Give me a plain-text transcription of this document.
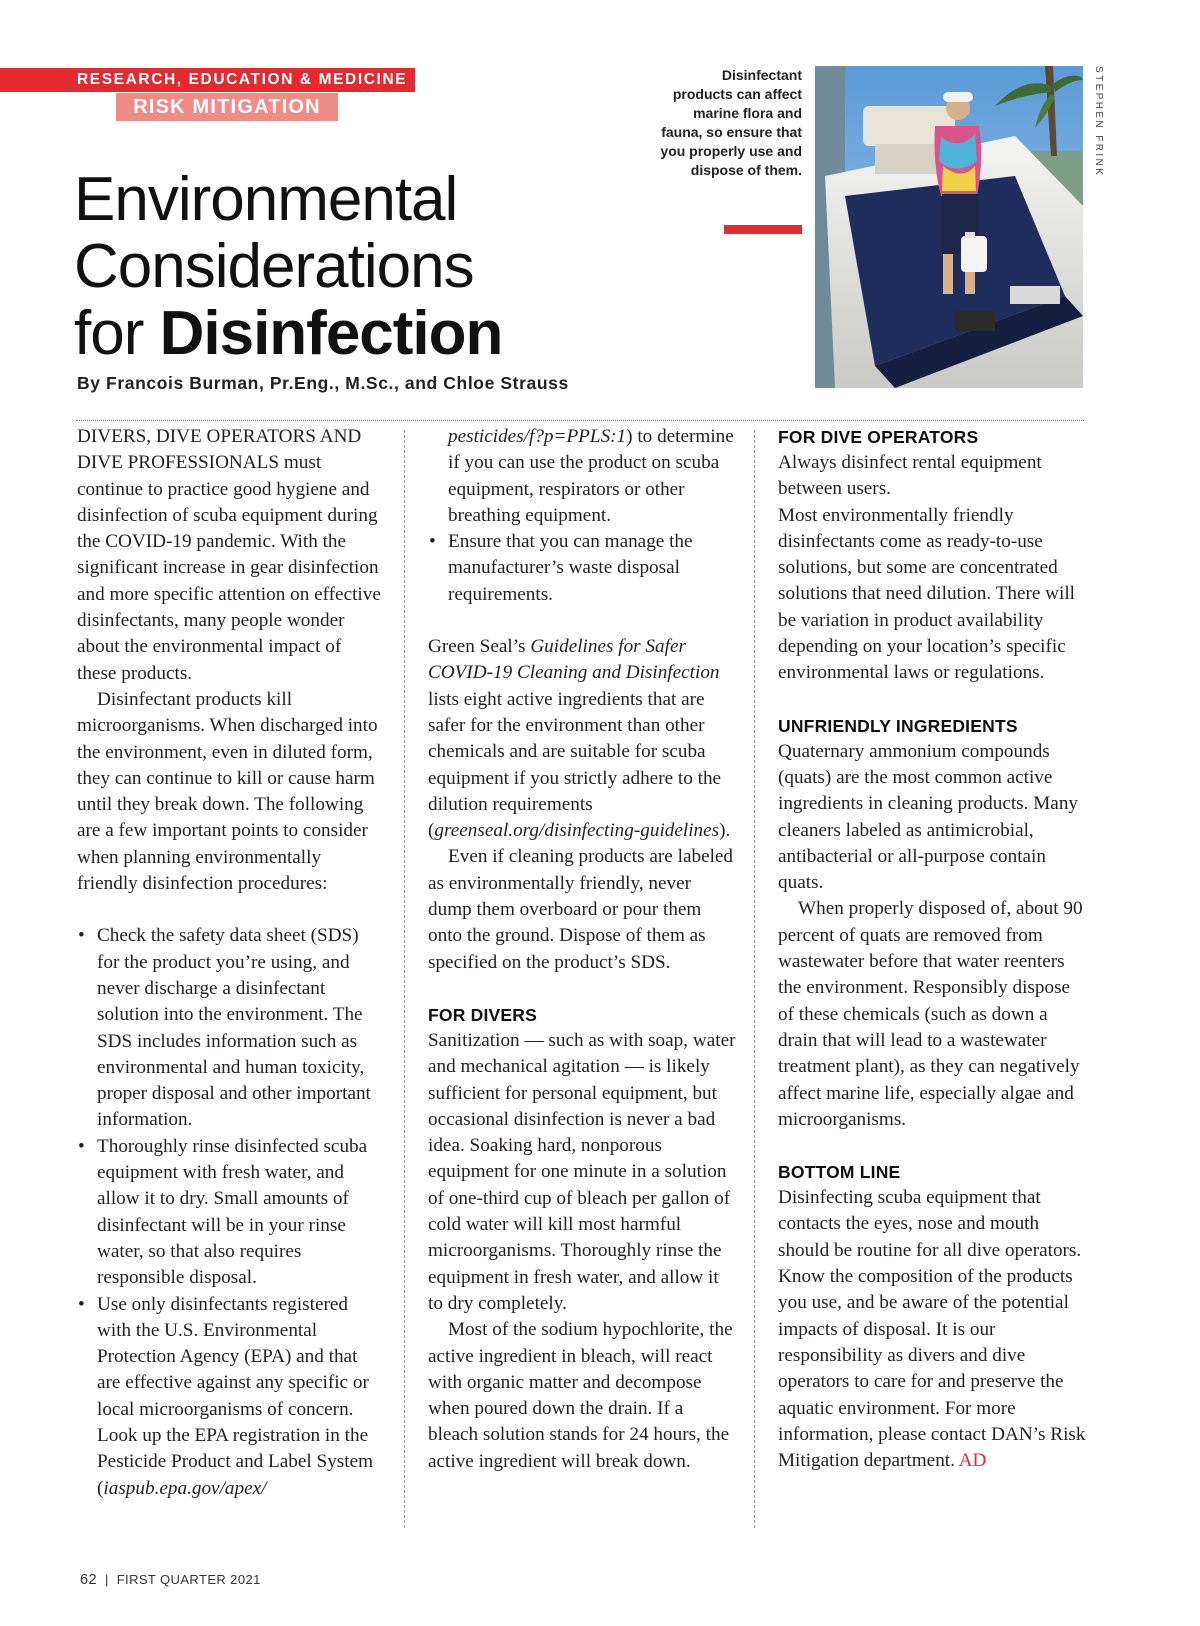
RESEARCH, EDUCATION & MEDICINE
RISK MITIGATION
Environmental
Considerations
for Disinfection
By Francois Burman, Pr.Eng., M.Sc., and Chloe Strauss
Disinfectant products can affect marine flora and fauna, so ensure that you properly use and dispose of them.	STEPHEN FRINK

DIVERS, DIVE OPERATORS AND DIVE PROFESSIONALS must continue to practice good hygiene and disinfection of scuba equipment during the COVID-19 pandemic. With the significant increase in gear disinfection and more specific attention on effective disinfectants, many people wonder about the environmental impact of these products.

Disinfectant products kill microorganisms. When discharged into the environment, even in diluted form, they can continue to kill or cause harm until they break down. The following are a few important points to consider when planning environmentally friendly disinfection procedures:

• Check the safety data sheet (SDS) for the product you’re using, and never discharge a disinfectant solution into the environment. The SDS includes information such as environmental and human toxicity, proper disposal and other important information.
• Thoroughly rinse disinfected scuba equipment with fresh water, and allow it to dry. Small amounts of disinfectant will be in your rinse water, so that also requires responsible disposal.
• Use only disinfectants registered with the U.S. Environmental Protection Agency (EPA) and that are effective against any specific or local microorganisms of concern. Look up the EPA registration in the Pesticide Product and Label System (iaspub.epa.gov/apex/

pesticides/f?p=PPLS:1) to determine if you can use the product on scuba equipment, respirators or other breathing equipment.

• Ensure that you can manage the manufacturer’s waste disposal requirements.

Green Seal’s Guidelines for Safer COVID-19 Cleaning and Disinfection lists eight active ingredients that are safer for the environment than other chemicals and are suitable for scuba equipment if you strictly adhere to the dilution requirements (greenseal.org/disinfecting-guidelines).

Even if cleaning products are labeled as environmentally friendly, never dump them overboard or pour them onto the ground. Dispose of them as specified on the product’s SDS.

FOR DIVERS

Sanitization — such as with soap, water and mechanical agitation — is likely sufficient for personal equipment, but occasional disinfection is never a bad idea. Soaking hard, nonporous equipment for one minute in a solution of one-third cup of bleach per gallon of cold water will kill most harmful microorganisms. Thoroughly rinse the equipment in fresh water, and allow it to dry completely.

Most of the sodium hypochlorite, the active ingredient in bleach, will react with organic matter and decompose when poured down the drain. If a bleach solution stands for 24 hours, the active ingredient will break down.

FOR DIVE OPERATORS

Always disinfect rental equipment between users.

Most environmentally friendly disinfectants come as ready-to-use solutions, but some are concentrated solutions that need dilution. There will be variation in product availability depending on your location’s specific environmental laws or regulations.

UNFRIENDLY INGREDIENTS

Quaternary ammonium compounds (quats) are the most common active ingredients in cleaning products. Many cleaners labeled as antimicrobial, antibacterial or all-purpose contain quats.

When properly disposed of, about 90 percent of quats are removed from wastewater before that water reenters the environment. Responsibly dispose of these chemicals (such as down a drain that will lead to a wastewater treatment plant), as they can negatively affect marine life, especially algae and microorganisms.

BOTTOM LINE

Disinfecting scuba equipment that contacts the eyes, nose and mouth should be routine for all dive operators. Know the composition of the products you use, and be aware of the potential impacts of disposal. It is our responsibility as divers and dive operators to care for and preserve the aquatic environment. For more information, please contact DAN’s Risk Mitigation department. AD

62 | FIRST QUARTER 2021
